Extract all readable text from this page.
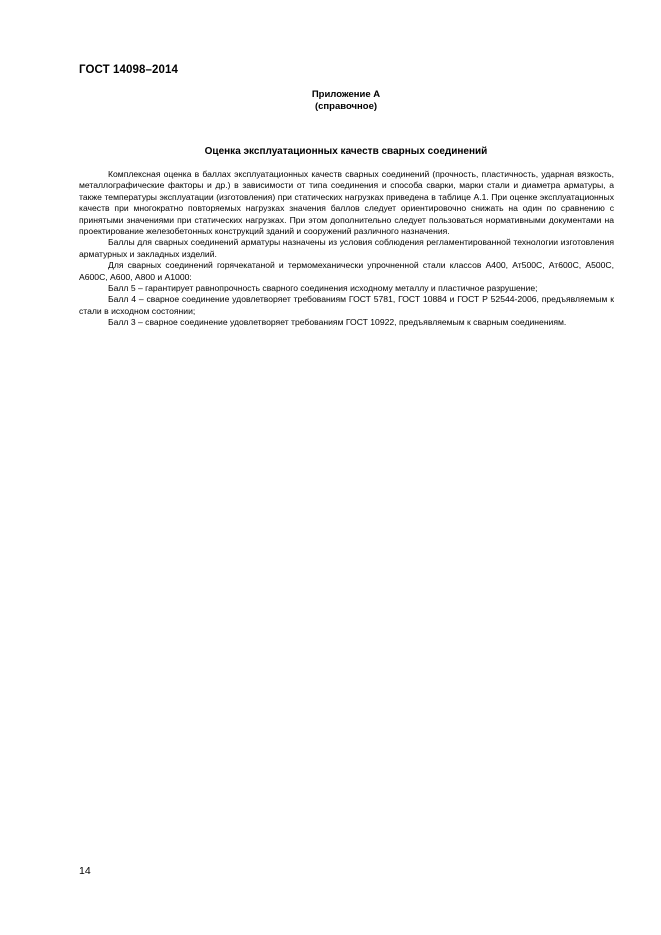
ГОСТ 14098–2014
Приложение А
(справочное)
Оценка эксплуатационных качеств сварных соединений

Комплексная оценка в баллах эксплуатационных качеств сварных соединений (прочность, пластичность, ударная вязкость, металлографические факторы и др.) в зависимости от типа соединения и способа сварки, марки стали и диаметра арматуры, а также температуры эксплуатации (изготовления) при статических нагрузках приведена в таблице А.1. При оценке эксплуатационных качеств при многократно повторяемых нагрузках значения баллов следует ориентировочно снижать на один по сравнению с принятыми значениями при статических нагрузках. При этом дополнительно следует пользоваться нормативными документами на проектирование железобетонных конструкций зданий и сооружений различного назначения.

Баллы для сварных соединений арматуры назначены из условия соблюдения регламентированной технологии изготовления арматурных и закладных изделий.

Для сварных соединений горячекатаной и термомеханически упрочненной стали классов А400, Ат500С, Ат600С, А500С, А600С, А600, А800 и А1000:

Балл 5 – гарантирует равнопрочность сварного соединения исходному металлу и пластичное разрушение;

Балл 4 – сварное соединение удовлетворяет требованиям ГОСТ 5781, ГОСТ 10884 и ГОСТ Р 52544-2006, предъявляемым к стали в исходном состоянии;

Балл 3 – сварное соединение удовлетворяет требованиям ГОСТ 10922, предъявляемым к сварным соединениям.

14
